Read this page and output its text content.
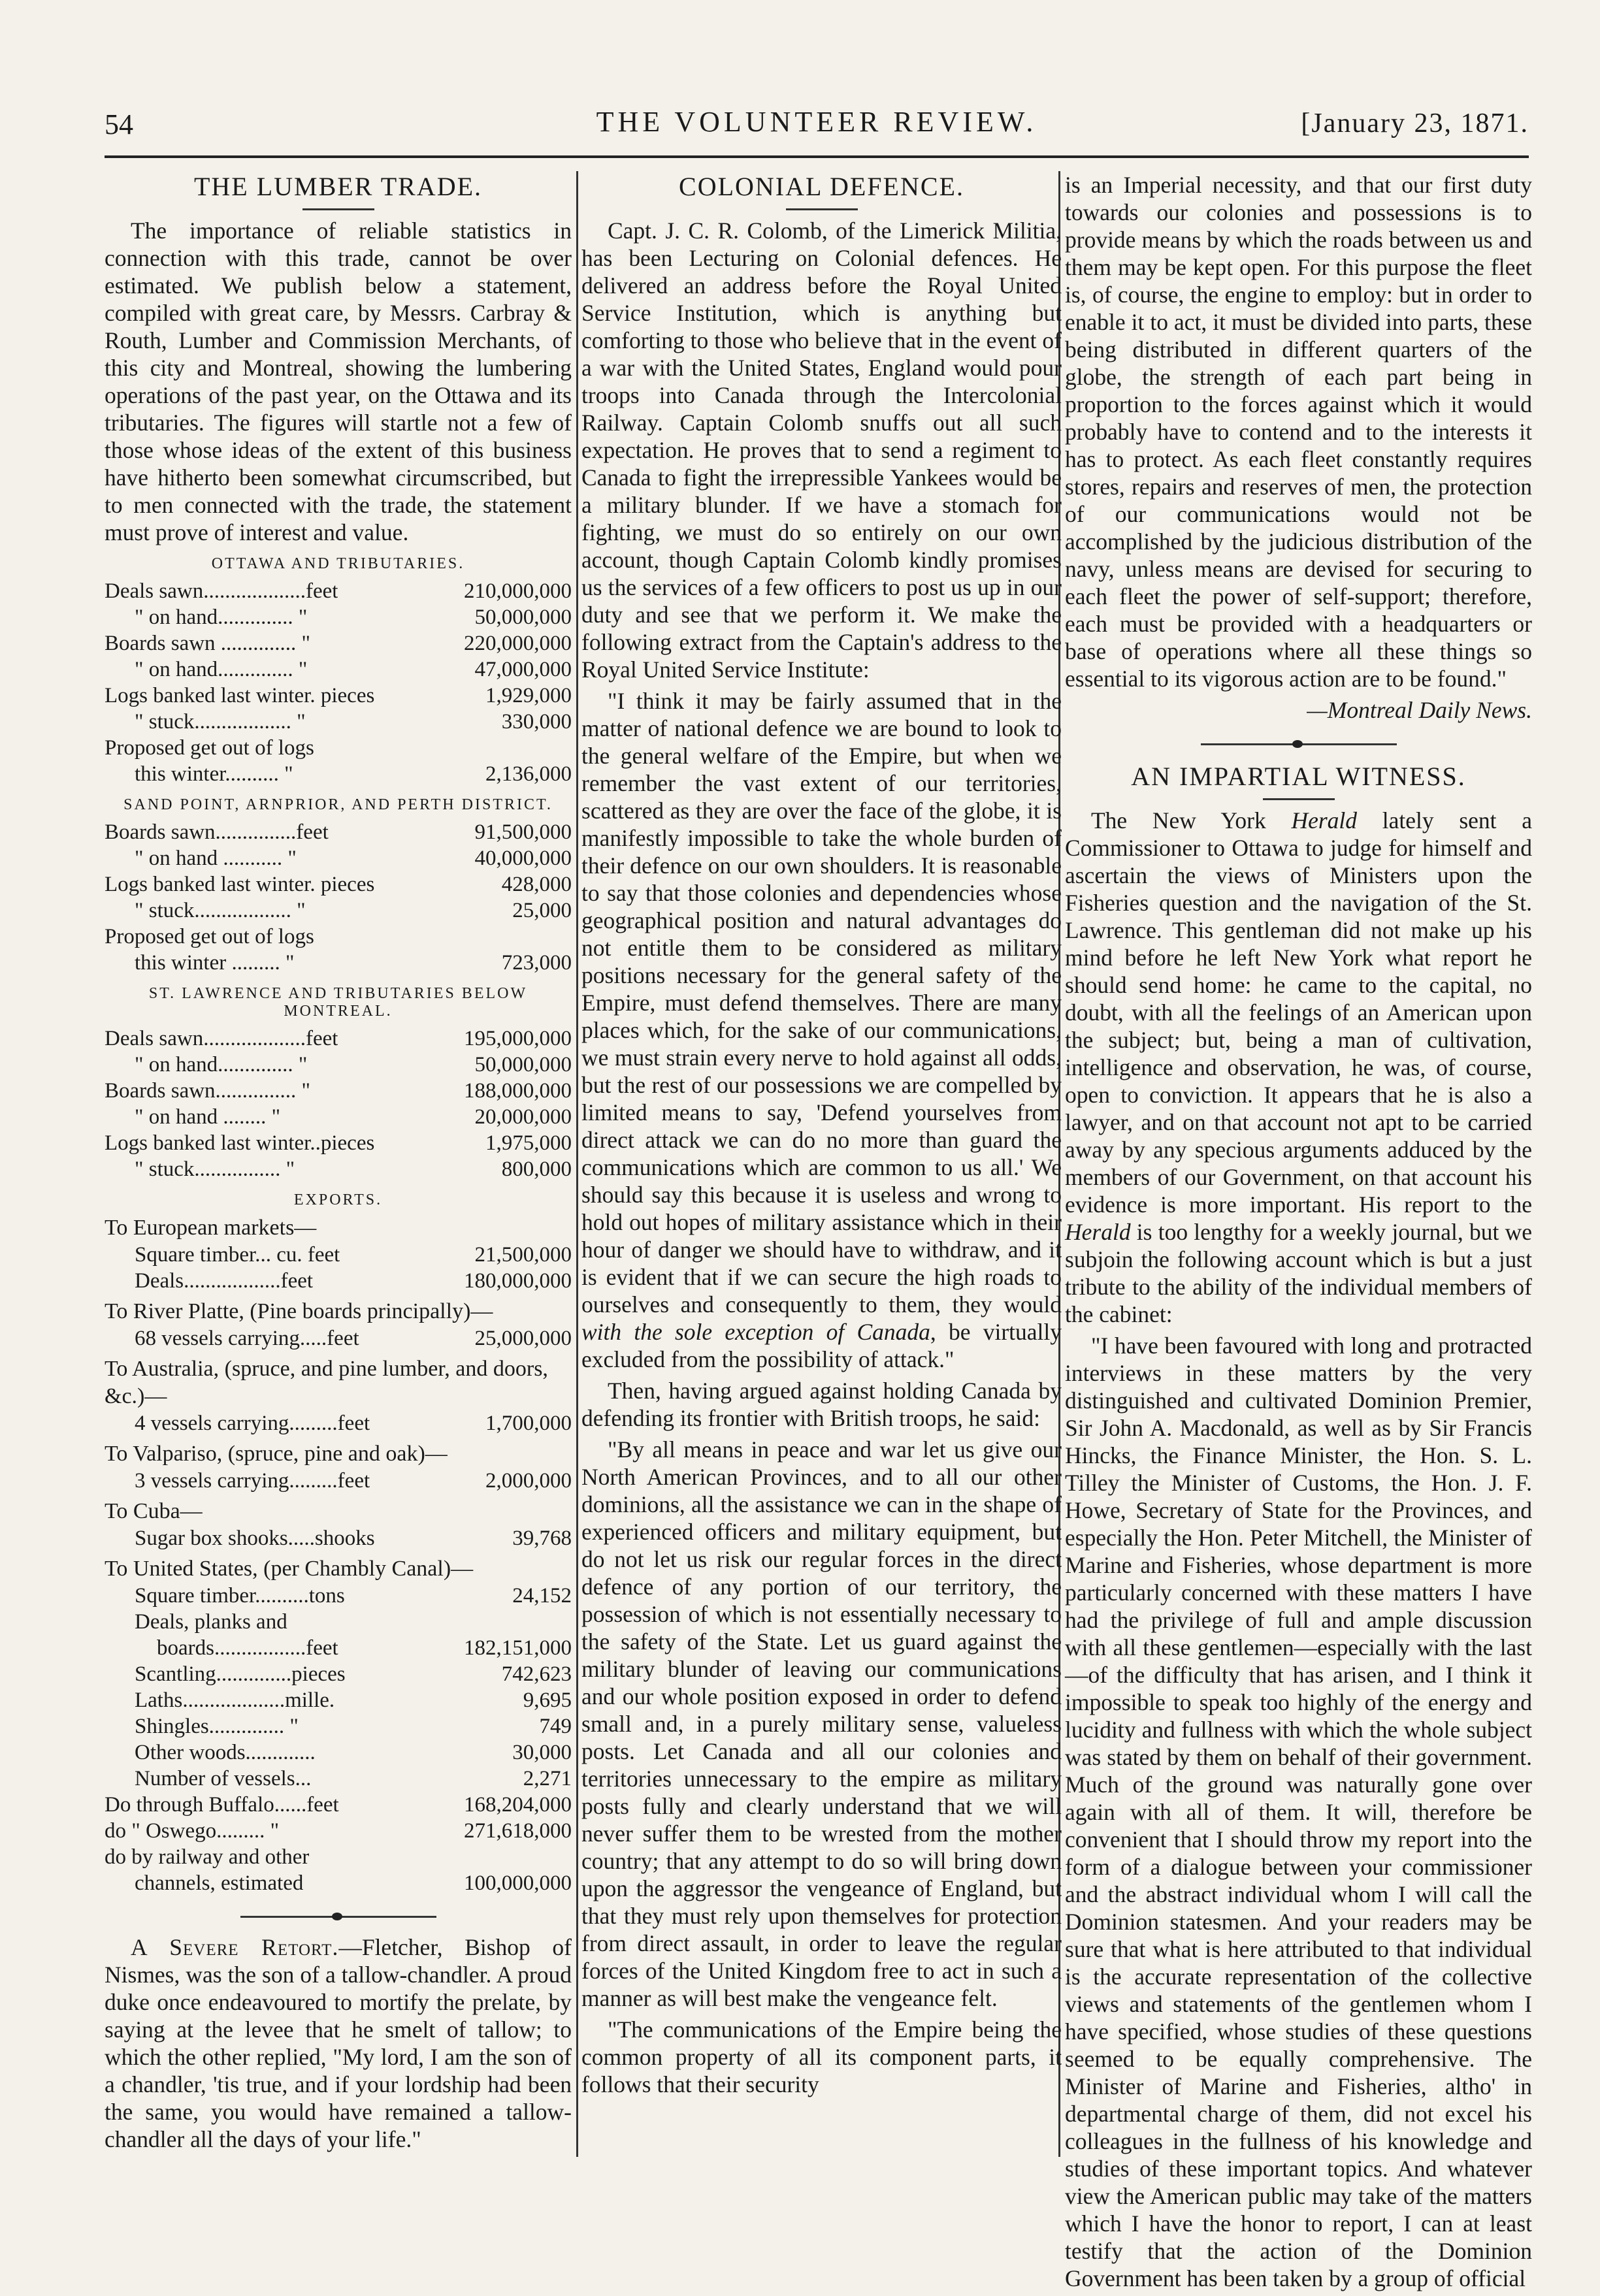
54	THE VOLUNTEER REVIEW.	[January 23, 1871.
THE LUMBER TRADE.

The importance of reliable statistics in connection with this trade, cannot be over estimated. We publish below a statement, compiled with great care, by Messrs. Carbray & Routh, Lumber and Commission Merchants, of this city and Montreal, showing the lumbering operations of the past year, on the Ottawa and its tributaries. The figures will startle not a few of those whose ideas of the extent of this business have hitherto been somewhat circumscribed, but to men connected with the trade, the statement must prove of interest and value.

OTTAWA AND TRIBUTARIES.
Deals sawn...................feet	210,000,000
" on hand.............. "	50,000,000
Boards sawn .............. "	220,000,000
" on hand.............. "	47,000,000
Logs banked last winter. pieces	1,929,000
" stuck.................. "	330,000
Proposed get out of logs
this winter.......... "	2,136,000
SAND POINT, ARNPRIOR, AND PERTH DISTRICT.
Boards sawn...............feet	91,500,000
" on hand ........... "	40,000,000
Logs banked last winter. pieces	428,000
" stuck.................. "	25,000
Proposed get out of logs
this winter ......... "	723,000
ST. LAWRENCE AND TRIBUTARIES BELOW MONTREAL.
Deals sawn...................feet	195,000,000
" on hand.............. "	50,000,000
Boards sawn............... "	188,000,000
" on hand ........ "	20,000,000
Logs banked last winter..pieces	1,975,000
" stuck................ "	800,000
EXPORTS.
To European markets—
Square timber... cu. feet	21,500,000
Deals..................feet	180,000,000
To River Platte, (Pine boards principally)—
68 vessels carrying.....feet	25,000,000
To Australia, (spruce, and pine lumber, and doors, &c.)—
4 vessels carrying.........feet	1,700,000
To Valpariso, (spruce, pine and oak)—
3 vessels carrying.........feet	2,000,000
To Cuba—
Sugar box shooks.....shooks	39,768
To United States, (per Chambly Canal)—
Square timber..........tons	24,152
Deals, planks and
boards.................feet	182,151,000
Scantling..............pieces	742,623
Laths...................mille.	9,695
Shingles.............. "	749
Other woods.............	30,000
Number of vessels...	2,271
Do through Buffalo......feet	168,204,000
do " Oswego......... "	271,618,000
do by railway and other
channels, estimated	100,000,000

A Severe Retort.—Fletcher, Bishop of Nismes, was the son of a tallow-chandler. A proud duke once endeavoured to mortify the prelate, by saying at the levee that he smelt of tallow; to which the other replied, "My lord, I am the son of a chandler, 'tis true, and if your lordship had been the same, you would have remained a tallow-chandler all the days of your life."

COLONIAL DEFENCE.

Capt. J. C. R. Colomb, of the Limerick Militia, has been Lecturing on Colonial defences. He delivered an address before the Royal United Service Institution, which is anything but comforting to those who believe that in the event of a war with the United States, England would pour troops into Canada through the Intercolonial Railway. Captain Colomb snuffs out all such expectation. He proves that to send a regiment to Canada to fight the irrepressible Yankees would be a military blunder. If we have a stomach for fighting, we must do so entirely on our own account, though Captain Colomb kindly promises us the services of a few officers to post us up in our duty and see that we perform it. We make the following extract from the Captain's address to the Royal United Service Institute:

"I think it may be fairly assumed that in the matter of national defence we are bound to look to the general welfare of the Empire, but when we remember the vast extent of our territories, scattered as they are over the face of the globe, it is manifestly impossible to take the whole burden of their defence on our own shoulders. It is reasonable to say that those colonies and dependencies whose geographical position and natural advantages do not entitle them to be considered as military positions necessary for the general safety of the Empire, must defend themselves. There are many places which, for the sake of our communications, we must strain every nerve to hold against all odds, but the rest of our possessions we are compelled by limited means to say, 'Defend yourselves from direct attack we can do no more than guard the communications which are common to us all.' We should say this because it is useless and wrong to hold out hopes of military assistance which in their hour of danger we should have to withdraw, and it is evident that if we can secure the high roads to ourselves and consequently to them, they would with the sole exception of Canada, be virtually excluded from the possibility of attack."

Then, having argued against holding Canada by defending its frontier with British troops, he said:

"By all means in peace and war let us give our North American Provinces, and to all our other dominions, all the assistance we can in the shape of experienced officers and military equipment, but do not let us risk our regular forces in the direct defence of any portion of our territory, the possession of which is not essentially necessary to the safety of the State. Let us guard against the military blunder of leaving our communications and our whole position exposed in order to defend small and, in a purely military sense, valueless posts. Let Canada and all our colonies and territories unnecessary to the empire as military posts fully and clearly understand that we will never suffer them to be wrested from the mother country; that any attempt to do so will bring down upon the aggressor the vengeance of England, but that they must rely upon themselves for protection from direct assault, in order to leave the regular forces of the United Kingdom free to act in such a manner as will best make the vengeance felt.

"The communications of the Empire being the common property of all its component parts, it follows that their security

is an Imperial necessity, and that our first duty towards our colonies and possessions is to provide means by which the roads between us and them may be kept open. For this purpose the fleet is, of course, the engine to employ: but in order to enable it to act, it must be divided into parts, these being distributed in different quarters of the globe, the strength of each part being in proportion to the forces against which it would probably have to contend and to the interests it has to protect. As each fleet constantly requires stores, repairs and reserves of men, the protection of our communications would not be accomplished by the judicious distribution of the navy, unless means are devised for securing to each fleet the power of self-support; therefore, each must be provided with a headquarters or base of operations where all these things so essential to its vigorous action are to be found."

—Montreal Daily News.

AN IMPARTIAL WITNESS.

The New York Herald lately sent a Commissioner to Ottawa to judge for himself and ascertain the views of Ministers upon the Fisheries question and the navigation of the St. Lawrence. This gentleman did not make up his mind before he left New York what report he should send home: he came to the capital, no doubt, with all the feelings of an American upon the subject; but, being a man of cultivation, intelligence and observation, he was, of course, open to conviction. It appears that he is also a lawyer, and on that account not apt to be carried away by any specious arguments adduced by the members of our Government, on that account his evidence is more important. His report to the Herald is too lengthy for a weekly journal, but we subjoin the following account which is but a just tribute to the ability of the individual members of the cabinet:

"I have been favoured with long and protracted interviews in these matters by the very distinguished and cultivated Dominion Premier, Sir John A. Macdonald, as well as by Sir Francis Hincks, the Finance Minister, the Hon. S. L. Tilley the Minister of Customs, the Hon. J. F. Howe, Secretary of State for the Provinces, and especially the Hon. Peter Mitchell, the Minister of Marine and Fisheries, whose department is more particularly concerned with these matters I have had the privilege of full and ample discussion with all these gentlemen—especially with the last—of the difficulty that has arisen, and I think it impossible to speak too highly of the energy and lucidity and fullness with which the whole subject was stated by them on behalf of their government. Much of the ground was naturally gone over again with all of them. It will, therefore be convenient that I should throw my report into the form of a dialogue between your commissioner and the abstract individual whom I will call the Dominion statesmen. And your readers may be sure that what is here attributed to that individual is the accurate representation of the collective views and statements of the gentlemen whom I have specified, whose studies of these questions seemed to be equally comprehensive. The Minister of Marine and Fisheries, altho' in departmental charge of them, did not excel his colleagues in the fullness of his knowledge and studies of these important topics. And whatever view the American public may take of the matters which I have the honor to report, I can at least testify that the action of the Dominion Government has been taken by a group of official
